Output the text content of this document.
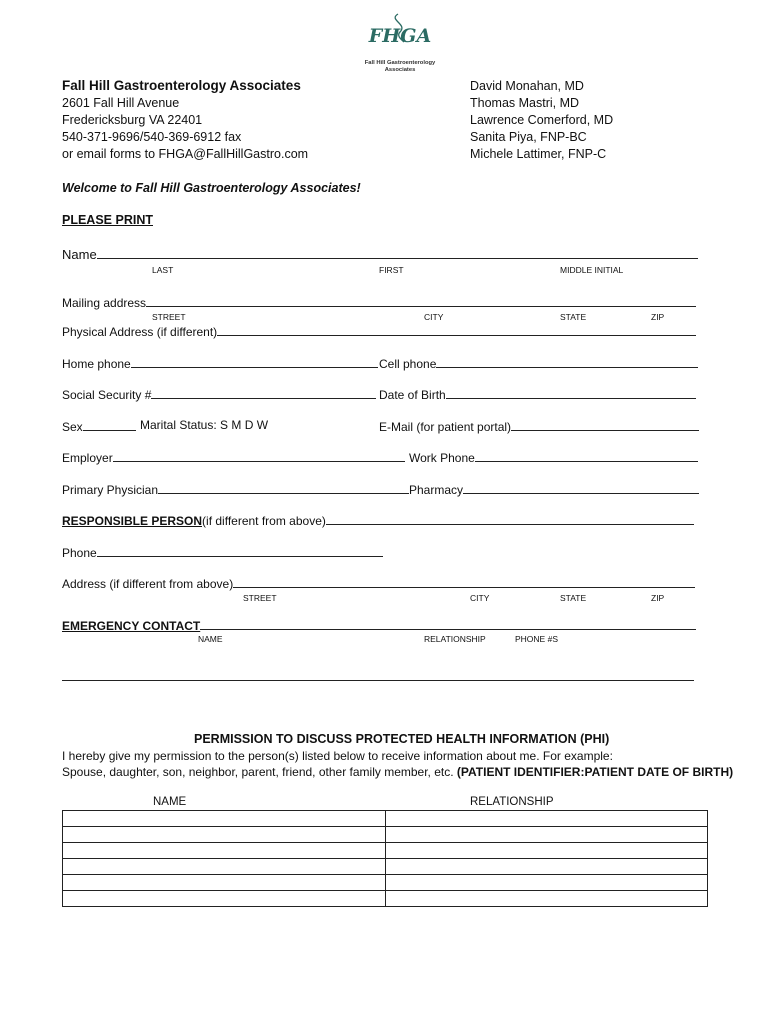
FHGA
Fall Hill Gastroenterology
Associates
Fall Hill Gastroenterology Associates
2601 Fall Hill Avenue
Fredericksburg VA 22401
540-371-9696/540-369-6912 fax
or email forms to FHGA@FallHillGastro.com
David Monahan, MD
Thomas Mastri, MD
Lawrence Comerford, MD
Sanita Piya, FNP-BC
Michele Lattimer, FNP-C
Welcome to Fall Hill Gastroenterology Associates!
PLEASE PRINT
Name
LAST	FIRST	MIDDLE INITIAL
Mailing address
STREET	CITY	STATE	ZIP
Physical Address (if different)
Home phone	Cell phone
Social Security #	Date of Birth
Sex	Marital Status: S M D W	E-Mail (for patient portal)
Employer	Work Phone
Primary Physician	Pharmacy
RESPONSIBLE PERSON (if different from above)
Phone
Address (if different from above)
STREET	CITY	STATE	ZIP
EMERGENCY CONTACT
NAME	RELATIONSHIP	PHONE #S
PERMISSION TO DISCUSS PROTECTED HEALTH INFORMATION (PHI)
I hereby give my permission to the person(s) listed below to receive information about me. For example:
Spouse, daughter, son, neighbor, parent, friend, other family member, etc. (PATIENT IDENTIFIER:PATIENT DATE OF BIRTH)
NAME	RELATIONSHIP
